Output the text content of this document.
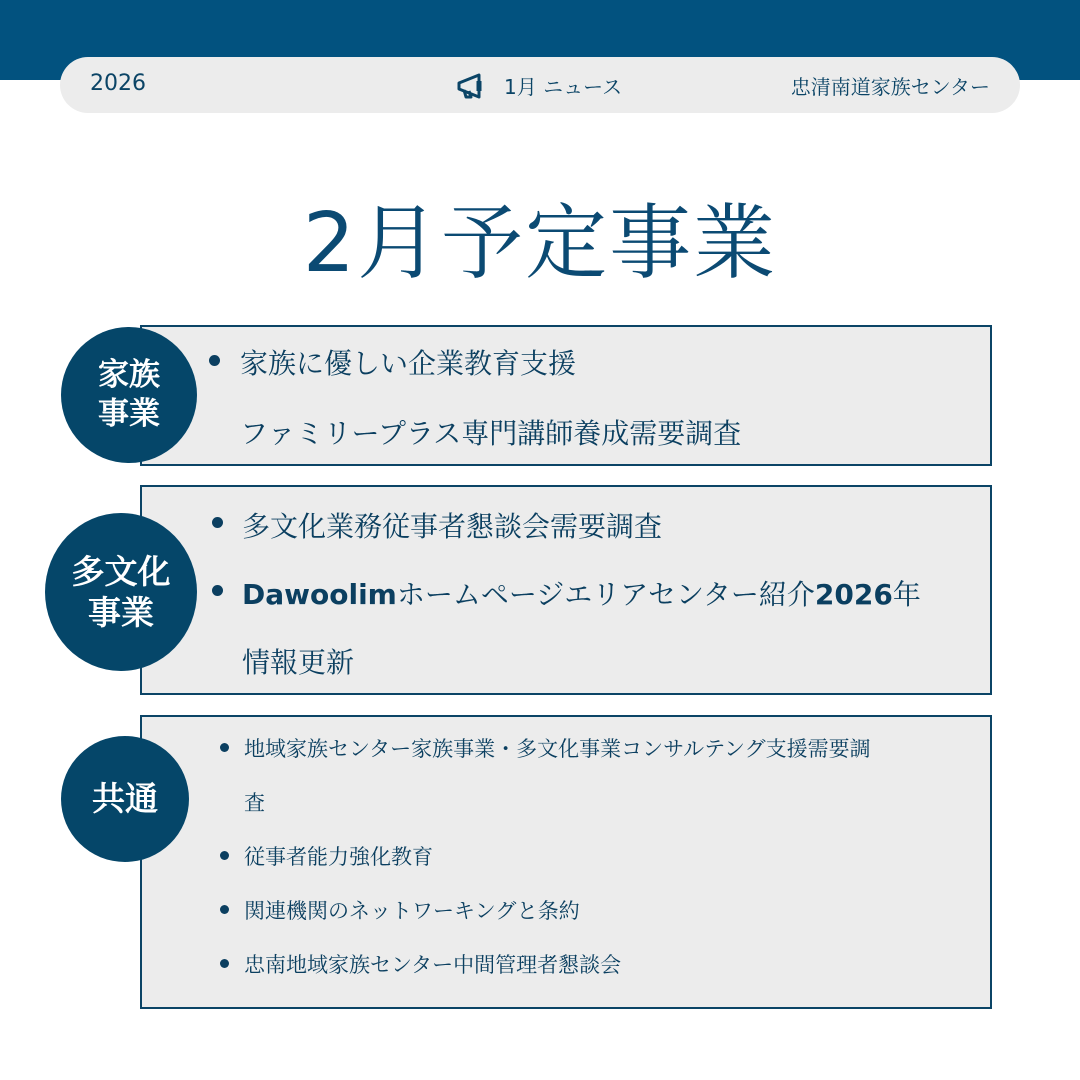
2026	1月 ニュース	忠清南道家族センター
2月予定事業
家族
事業
家族に優しい企業教育支援
ファミリープラス専門講師養成需要調査
多文化
事業
多文化業務従事者懇談会需要調査
Dawoolimホームページエリアセンター紹介2026年
情報更新
共通
地域家族センター家族事業・多文化事業コンサルテング支援需要調
査
従事者能力強化教育
関連機関のネットワーキングと条約
忠南地域家族センター中間管理者懇談会
